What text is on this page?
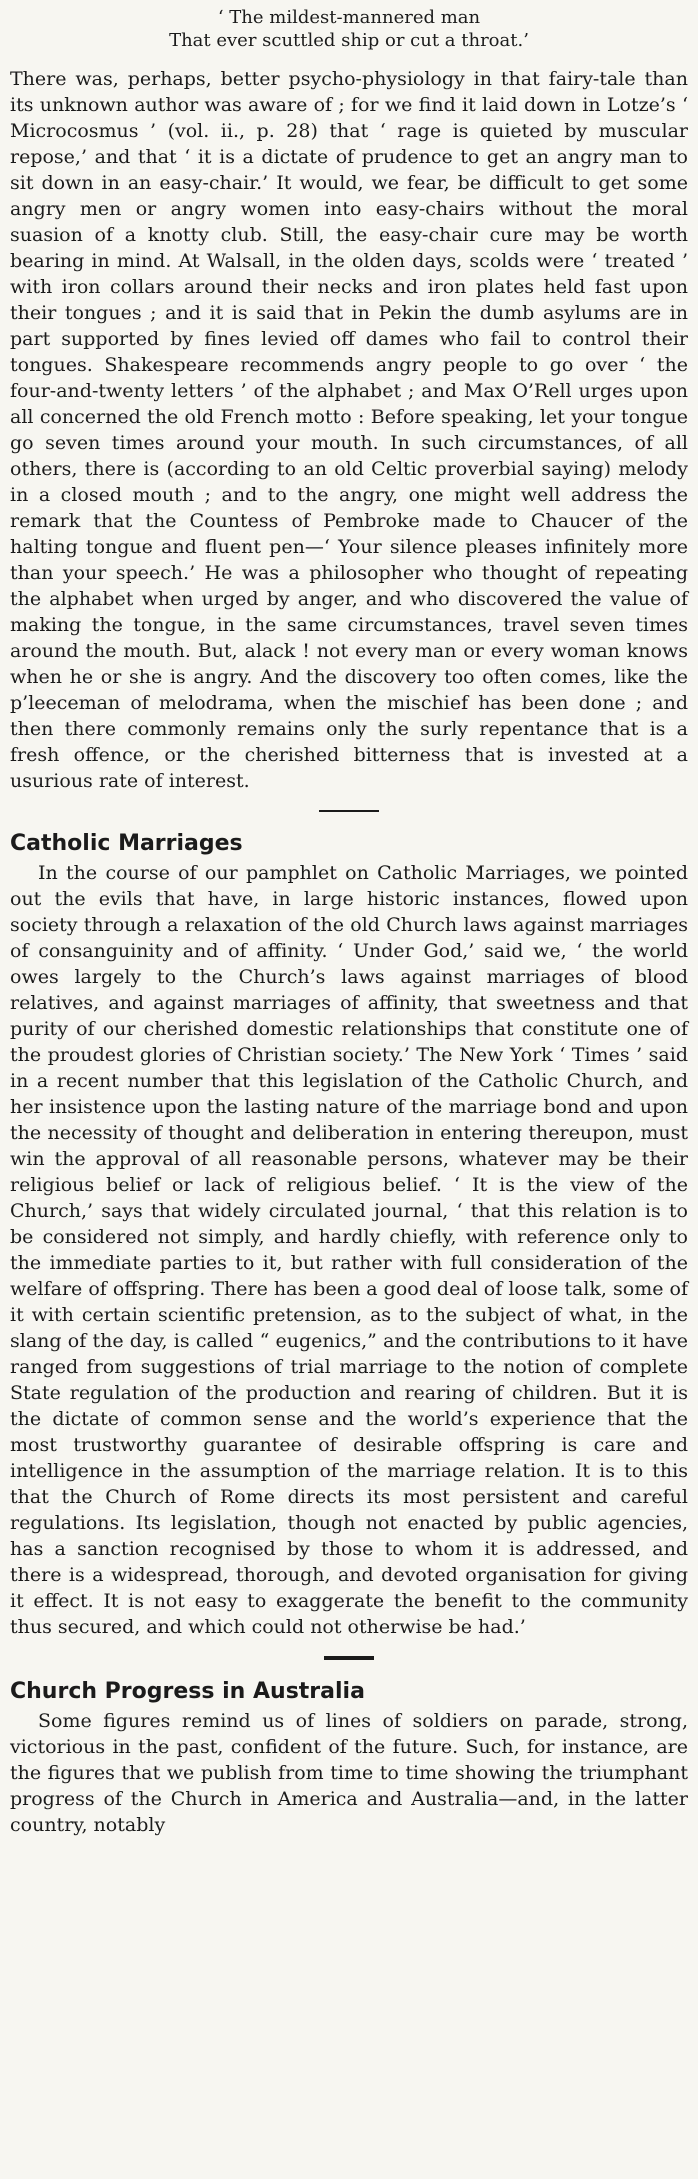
‘ The mildest-mannered man
That ever scuttled ship or cut a throat.’

There was, perhaps, better psycho-physiology in that fairy-tale than its unknown author was aware of ; for we find it laid down in Lotze’s ‘ Microcosmus ’ (vol. ii., p. 28) that ‘ rage is quieted by muscular repose,’ and that ‘ it is a dictate of prudence to get an angry man to sit down in an easy-chair.’ It would, we fear, be difficult to get some angry men or angry women into easy-chairs without the moral suasion of a knotty club. Still, the easy-chair cure may be worth bearing in mind. At Walsall, in the olden days, scolds were ‘ treated ’ with iron collars around their necks and iron plates held fast upon their tongues ; and it is said that in Pekin the dumb asylums are in part supported by fines levied off dames who fail to control their tongues. Shakespeare recommends angry people to go over ‘ the four-and-twenty letters ’ of the alphabet ; and Max O’Rell urges upon all concerned the old French motto : Before speaking, let your tongue go seven times around your mouth. In such circumstances, of all others, there is (according to an old Celtic proverbial saying) melody in a closed mouth ; and to the angry, one might well address the remark that the Countess of Pembroke made to Chaucer of the halting tongue and fluent pen—‘ Your silence pleases infinitely more than your speech.’ He was a philosopher who thought of repeating the alphabet when urged by anger, and who discovered the value of making the tongue, in the same circumstances, travel seven times around the mouth. But, alack ! not every man or every woman knows when he or she is angry. And the discovery too often comes, like the p’leeceman of melodrama, when the mischief has been done ; and then there commonly remains only the surly repentance that is a fresh offence, or the cherished bitterness that is invested at a usurious rate of interest.

Catholic Marriages

In the course of our pamphlet on Catholic Marriages, we pointed out the evils that have, in large historic instances, flowed upon society through a relaxation of the old Church laws against marriages of consanguinity and of affinity. ‘ Under God,’ said we, ‘ the world owes largely to the Church’s laws against marriages of blood relatives, and against marriages of affinity, that sweetness and that purity of our cherished domestic relationships that constitute one of the proudest glories of Christian society.’ The New York ‘ Times ’ said in a recent number that this legislation of the Catholic Church, and her insistence upon the lasting nature of the marriage bond and upon the necessity of thought and deliberation in entering thereupon, must win the approval of all reasonable persons, whatever may be their religious belief or lack of religious belief. ‘ It is the view of the Church,’ says that widely circulated journal, ‘ that this relation is to be considered not simply, and hardly chiefly, with reference only to the immediate parties to it, but rather with full consideration of the welfare of offspring. There has been a good deal of loose talk, some of it with certain scientific pretension, as to the subject of what, in the slang of the day, is called “ eugenics,” and the contributions to it have ranged from suggestions of trial marriage to the notion of complete State regulation of the production and rearing of children. But it is the dictate of common sense and the world’s experience that the most trustworthy guarantee of desirable offspring is care and intelligence in the assumption of the marriage relation. It is to this that the Church of Rome directs its most persistent and careful regulations. Its legislation, though not enacted by public agencies, has a sanction recognised by those to whom it is addressed, and there is a widespread, thorough, and devoted organisation for giving it effect. It is not easy to exaggerate the benefit to the community thus secured, and which could not otherwise be had.’

Church Progress in Australia

Some figures remind us of lines of soldiers on parade, strong, victorious in the past, confident of the future. Such, for instance, are the figures that we publish from time to time showing the triumphant progress of the Church in America and Australia—and, in the latter country, notably
